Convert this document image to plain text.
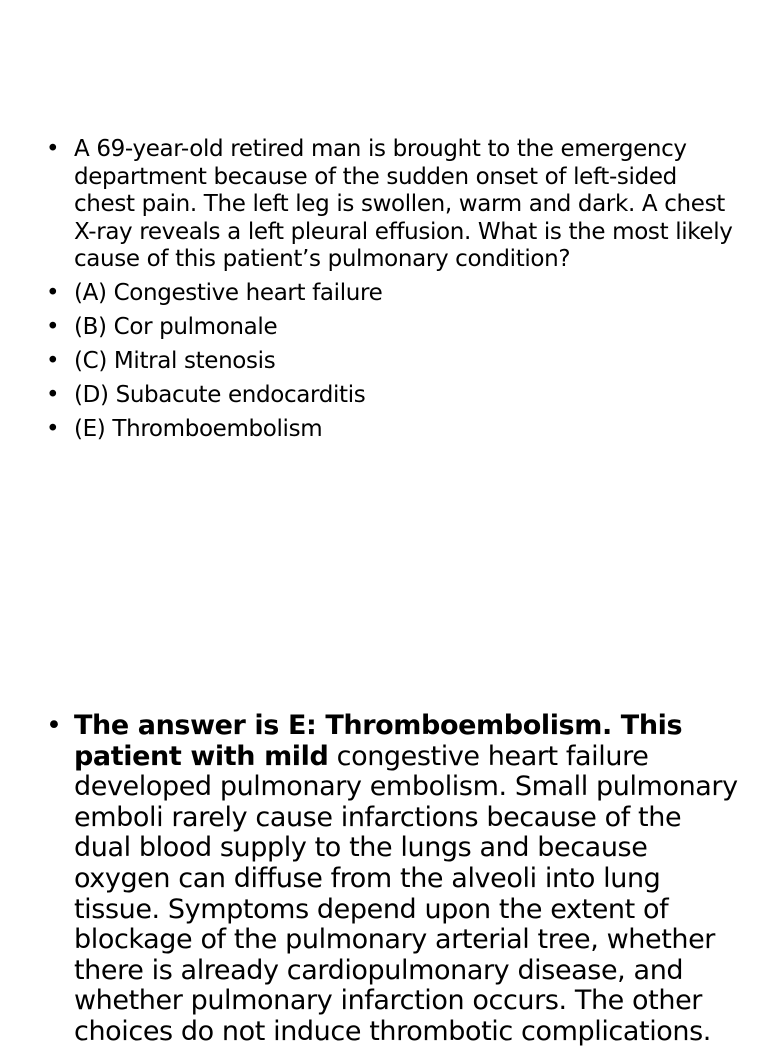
• A 69-year-old retired man is brought to the emergency department because of the sudden onset of left-sided chest pain. The left leg is swollen, warm and dark. A chest X-ray reveals a left pleural effusion. What is the most likely cause of this patient’s pulmonary condition?
• (A) Congestive heart failure
• (B) Cor pulmonale
• (C) Mitral stenosis
• (D) Subacute endocarditis
• (E) Thromboembolism
• The answer is E: Thromboembolism. This patient with mild congestive heart failure developed pulmonary embolism. Small pulmonary emboli rarely cause infarctions because of the dual blood supply to the lungs and because oxygen can diffuse from the alveoli into lung tissue. Symptoms depend upon the extent of blockage of the pulmonary arterial tree, whether there is already cardiopulmonary disease, and whether pulmonary infarction occurs. The other choices do not induce thrombotic complications.
